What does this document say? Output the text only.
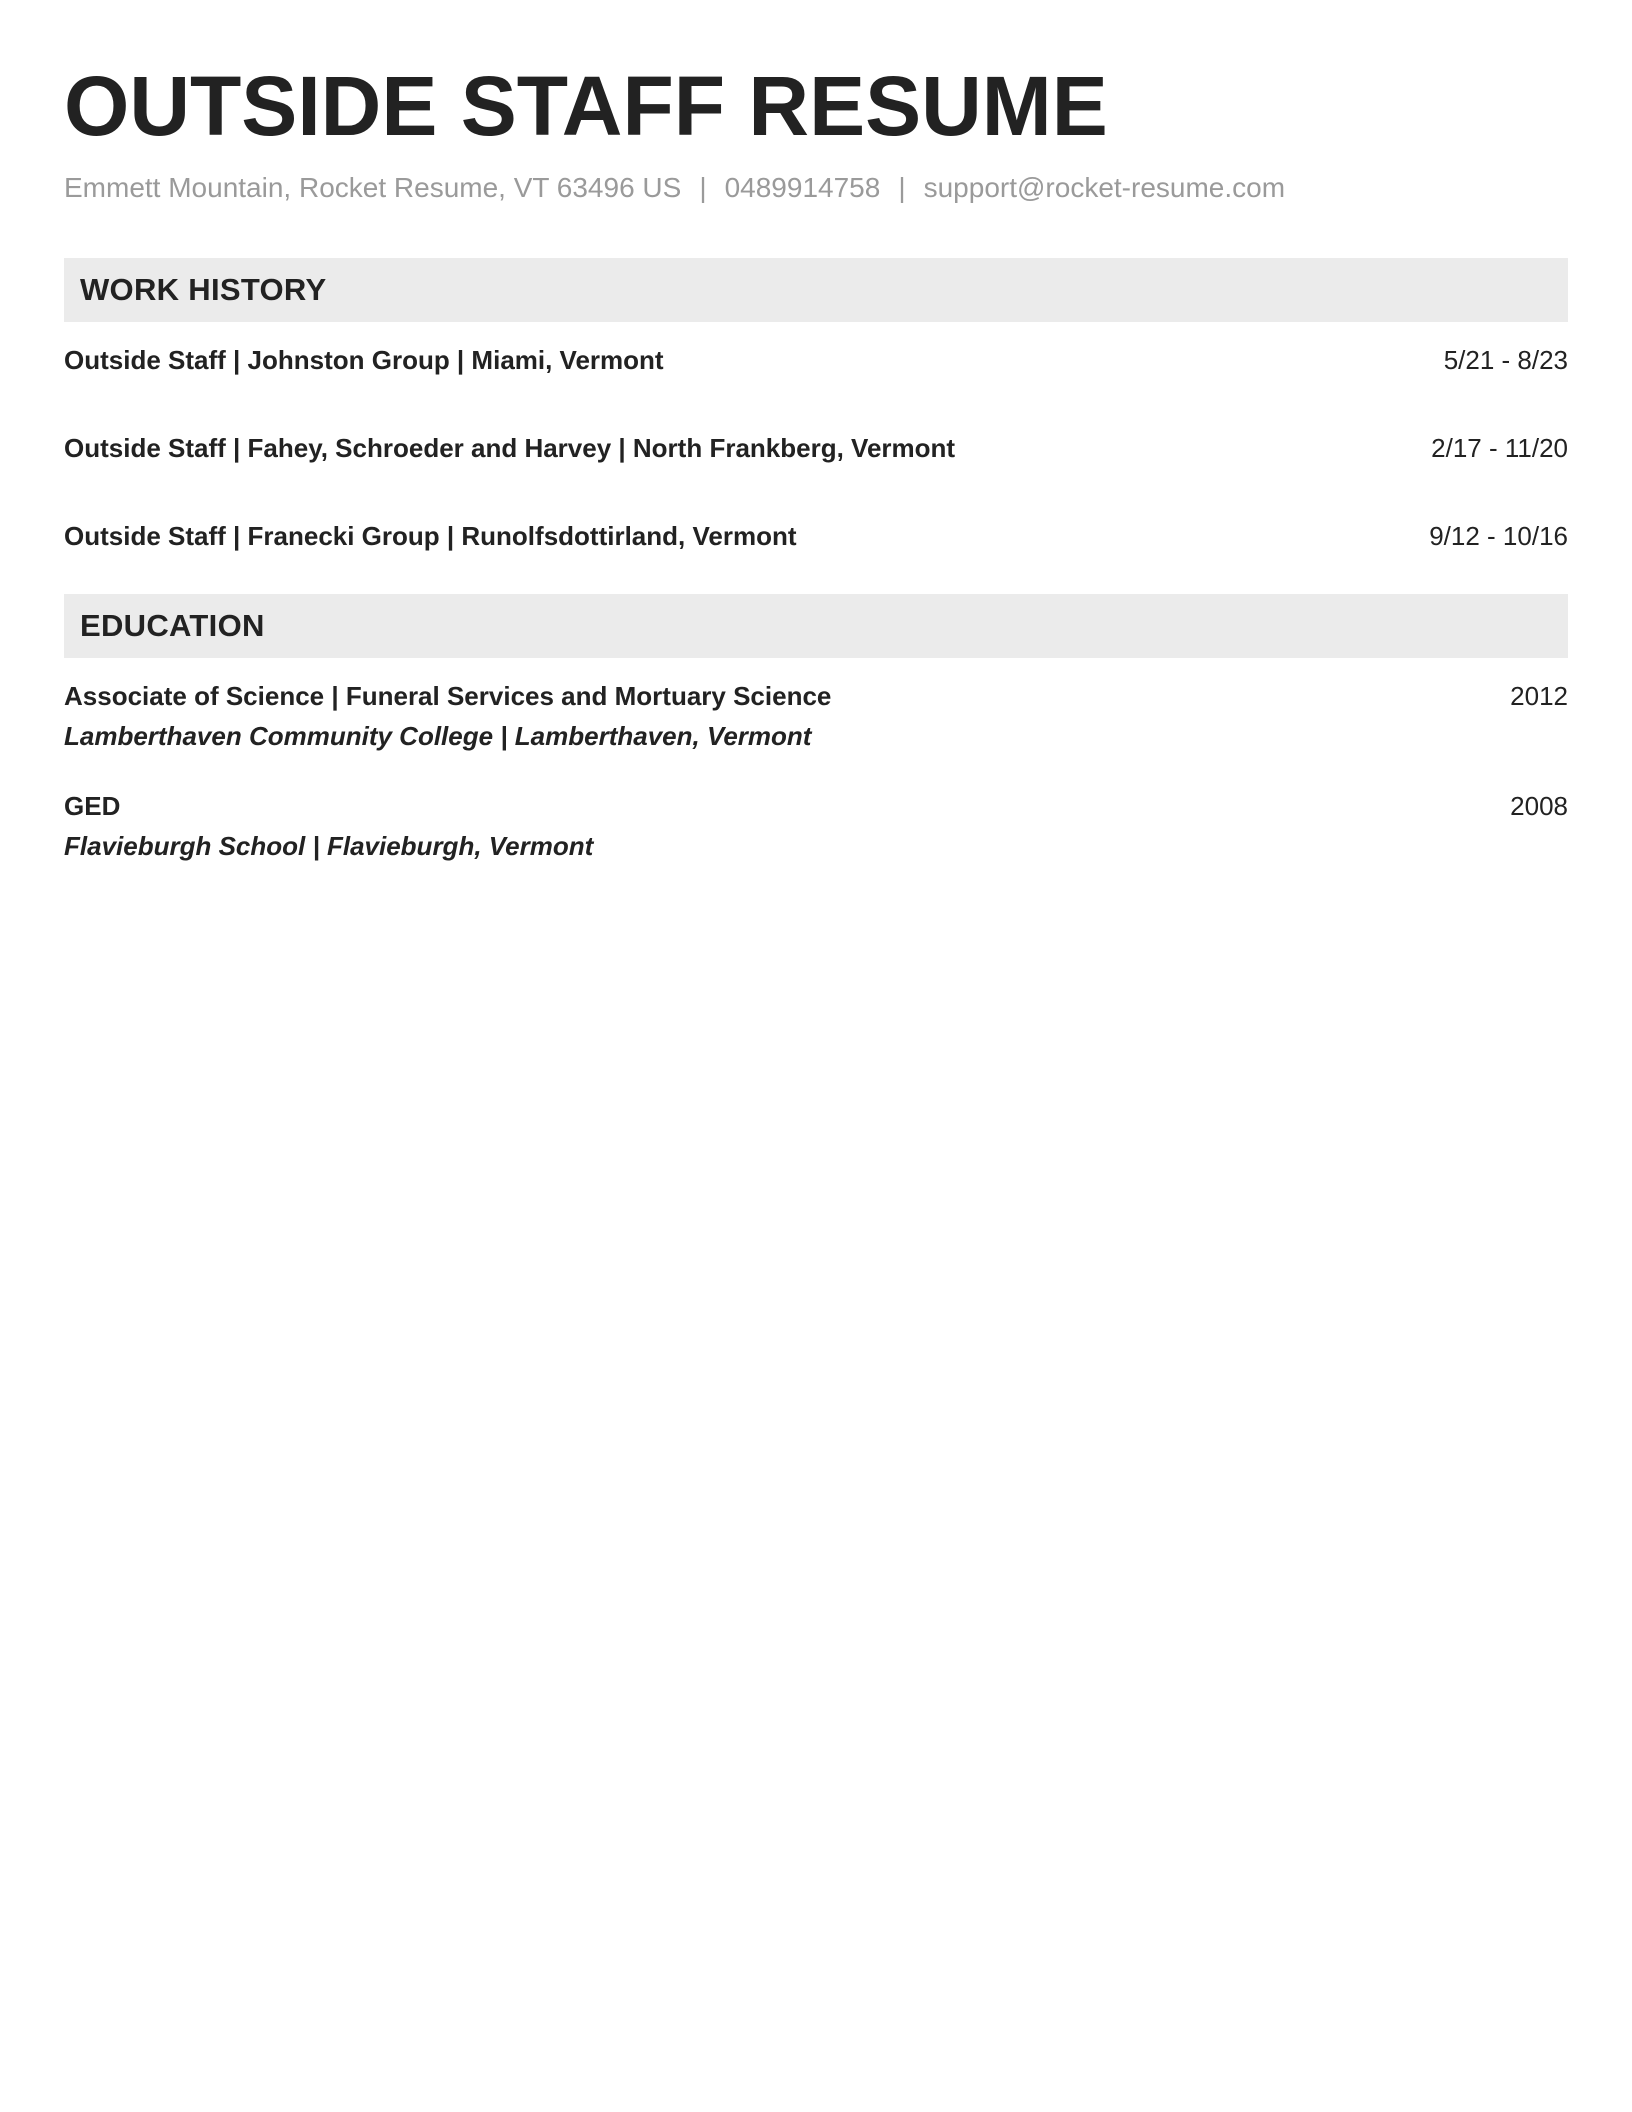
OUTSIDE STAFF RESUME
Emmett Mountain, Rocket Resume, VT 63496 US | 0489914758 | support@rocket-resume.com
WORK HISTORY
Outside Staff | Johnston Group | Miami, Vermont	5/21 - 8/23
Outside Staff | Fahey, Schroeder and Harvey | North Frankberg, Vermont	2/17 - 11/20
Outside Staff | Franecki Group | Runolfsdottirland, Vermont	9/12 - 10/16
EDUCATION
Associate of Science | Funeral Services and Mortuary Science	2012
Lamberthaven Community College | Lamberthaven, Vermont
GED	2008
Flavieburgh School | Flavieburgh, Vermont
